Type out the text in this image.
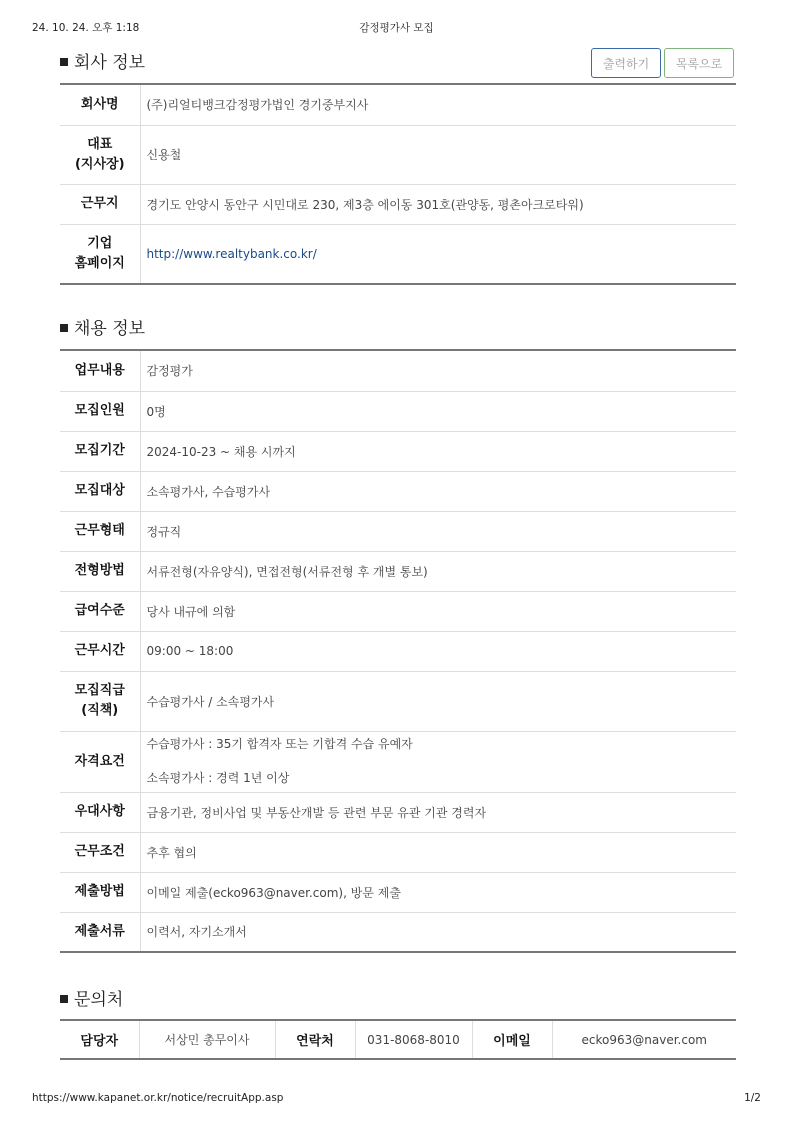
24. 10. 24. 오후 1:18	감정평가사 모집
회사 정보	출력하기	목록으로
회사명	(주)리얼티뱅크감정평가법인 경기중부지사

대표
(지사장)	신용철
근무지	경기도 안양시 동안구 시민대로 230, 제3층 에이동 301호(관양동, 평촌아크로타워)

기업
홈페이지	http://www.realtybank.co.kr/
채용 정보
업무내용	감정평가
모집인원	0명
모집기간	2024-10-23 ~ 채용 시까지
모집대상	소속평가사, 수습평가사
근무형태	정규직
전형방법	서류전형(자유양식), 면접전형(서류전형 후 개별 통보)
급여수준	당사 내규에 의함
근무시간	09:00 ~ 18:00

모집직급
(직책)	수습평가사 / 소속평가사
자격요건	수습평가사 : 35기 합격자 또는 기합격 수습 유예자
소속평가사 : 경력 1년 이상

우대사항	금융기관, 정비사업 및 부동산개발 등 관련 부문 유관 기관 경력자
근무조건	추후 협의
제출방법	이메일 제출(ecko963@naver.com), 방문 제출
제출서류	이력서, 자기소개서
문의처
담당자	서상민 총무이사	연락처	031-8068-8010	이메일	ecko963@naver.com
https://www.kapanet.or.kr/notice/recruitApp.asp	1/2
